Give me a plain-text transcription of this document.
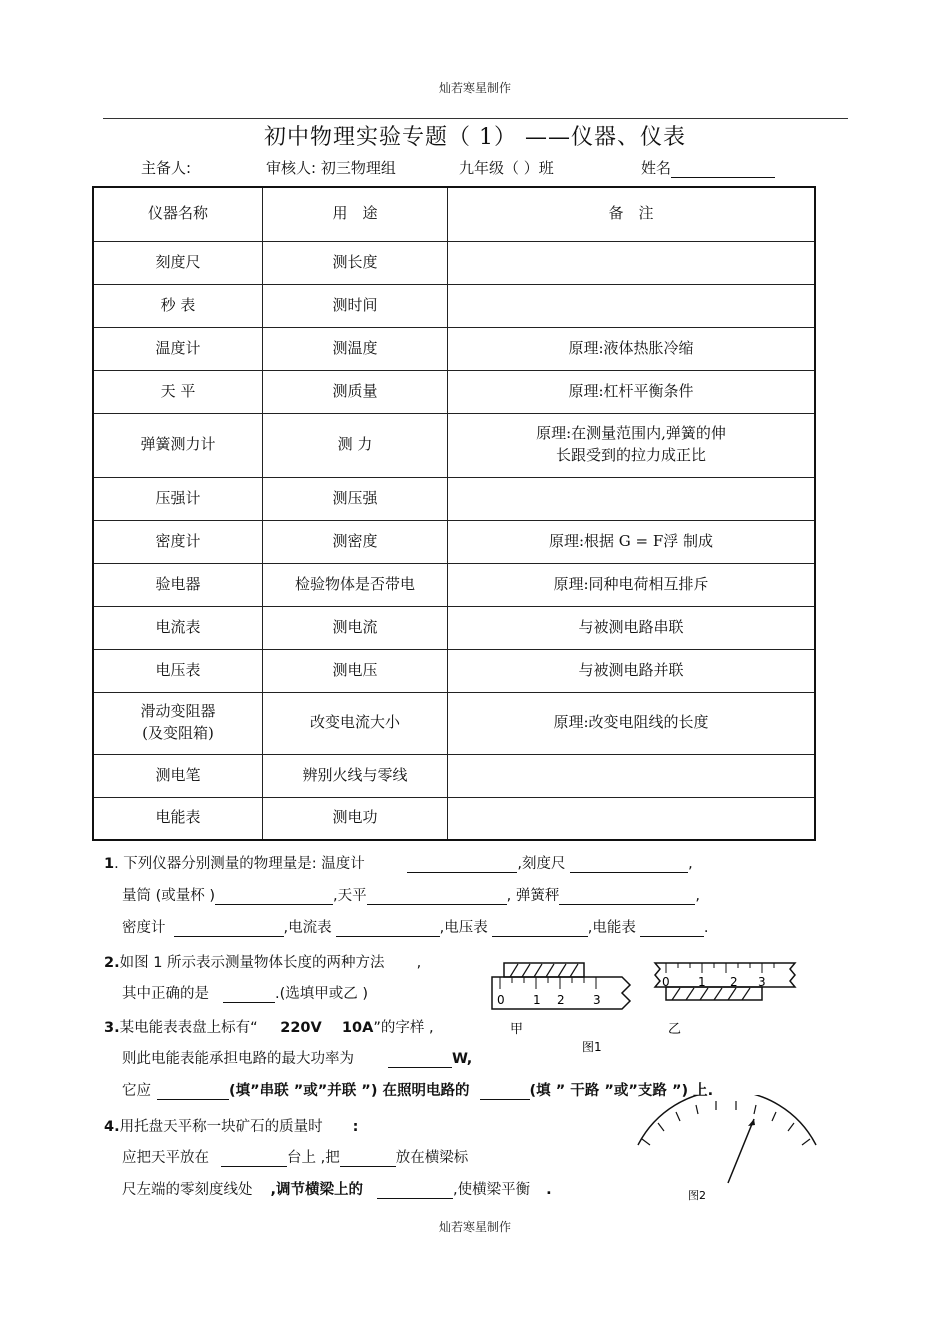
灿若寒星制作
初中物理实验专题（ 1） ——仪器、仪表
主备人:	审核人: 初三物理组	九年级（ ）班	姓名
仪器名称	用　途	备　注
刻度尺	测长度	
秒 表	测时间	
温度计	测温度	原理:液体热胀冷缩
天 平	测质量	原理:杠杆平衡条件
弹簧测力计	测 力	原理:在测量范围内,弹簧的伸
长跟受到的拉力成正比
压强计	测压强	
密度计	测密度	原理:根据 G = F浮 制成
验电器	检验物体是否带电	原理:同种电荷相互排斥
电流表	测电流	与被测电路串联
电压表	测电压	与被测电路并联
滑动变阻器
(及变阻箱)	改变电流大小	原理:改变电阻线的长度
测电笔	辨别火线与零线	
电能表	测电功	
1. 下列仪器分别测量的物理量是: 温度计	,刻度尺	,
量筒 (或量杯 )	,天平	, 弹簧秤	,
密度计	,电流表	,电压表	,电能表	.
2.如图 1 所示表示测量物体长度的两种方法 ,
其中正确的是	.(选填甲或乙 )
3.某电能表表盘上标有“ 220V    10A”的字样 ,
则此电能表能承担电路的最大功率为	W,
它应	(填”串联 ”或”并联 ”) 在照明电路的	(填 ” 干路 ”或”支路 ”) 上.
4.用托盘天平称一块矿石的质量时 :
应把天平放在	台上 ,把	放在横梁标
尺左端的零刻度线处 ,调节横梁上的	,使横梁平衡 .
0 1 2 3
甲
0 1 2 3
乙
图1
图2
灿若寒星制作
